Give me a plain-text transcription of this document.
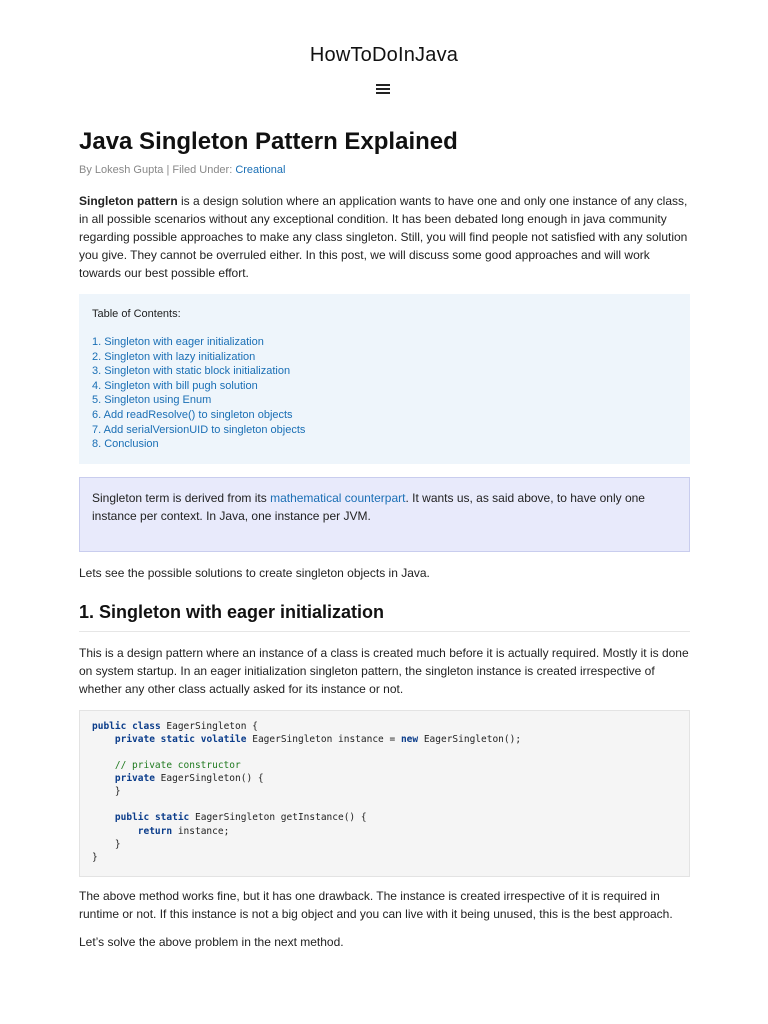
HowToDoInJava
Java Singleton Pattern Explained
By Lokesh Gupta | Filed Under: Creational

Singleton pattern is a design solution where an application wants to have one and only one instance of any class, in all possible scenarios without any exceptional condition. It has been debated long enough in java community regarding possible approaches to make any class singleton. Still, you will find people not satisfied with any solution you give. They cannot be overruled either. In this post, we will discuss some good approaches and will work towards our best possible effort.

Table of Contents:
1. Singleton with eager initialization
2. Singleton with lazy initialization
3. Singleton with static block initialization
4. Singleton with bill pugh solution
5. Singleton using Enum
6. Add readResolve() to singleton objects
7. Add serialVersionUID to singleton objects
8. Conclusion
Singleton term is derived from its mathematical counterpart. It wants us, as said above, to have only one instance per context. In Java, one instance per JVM.

Lets see the possible solutions to create singleton objects in Java.

1. Singleton with eager initialization

This is a design pattern where an instance of a class is created much before it is actually required. Mostly it is done on system startup. In an eager initialization singleton pattern, the singleton instance is created irrespective of whether any other class actually asked for its instance or not.

public class EagerSingleton {
private static volatile EagerSingleton instance = new EagerSingleton();

// private constructor
private EagerSingleton() {
}

public static EagerSingleton getInstance() {
return instance;
}
}

The above method works fine, but it has one drawback. The instance is created irrespective of it is required in runtime or not. If this instance is not a big object and you can live with it being unused, this is the best approach.

Let’s solve the above problem in the next method.
